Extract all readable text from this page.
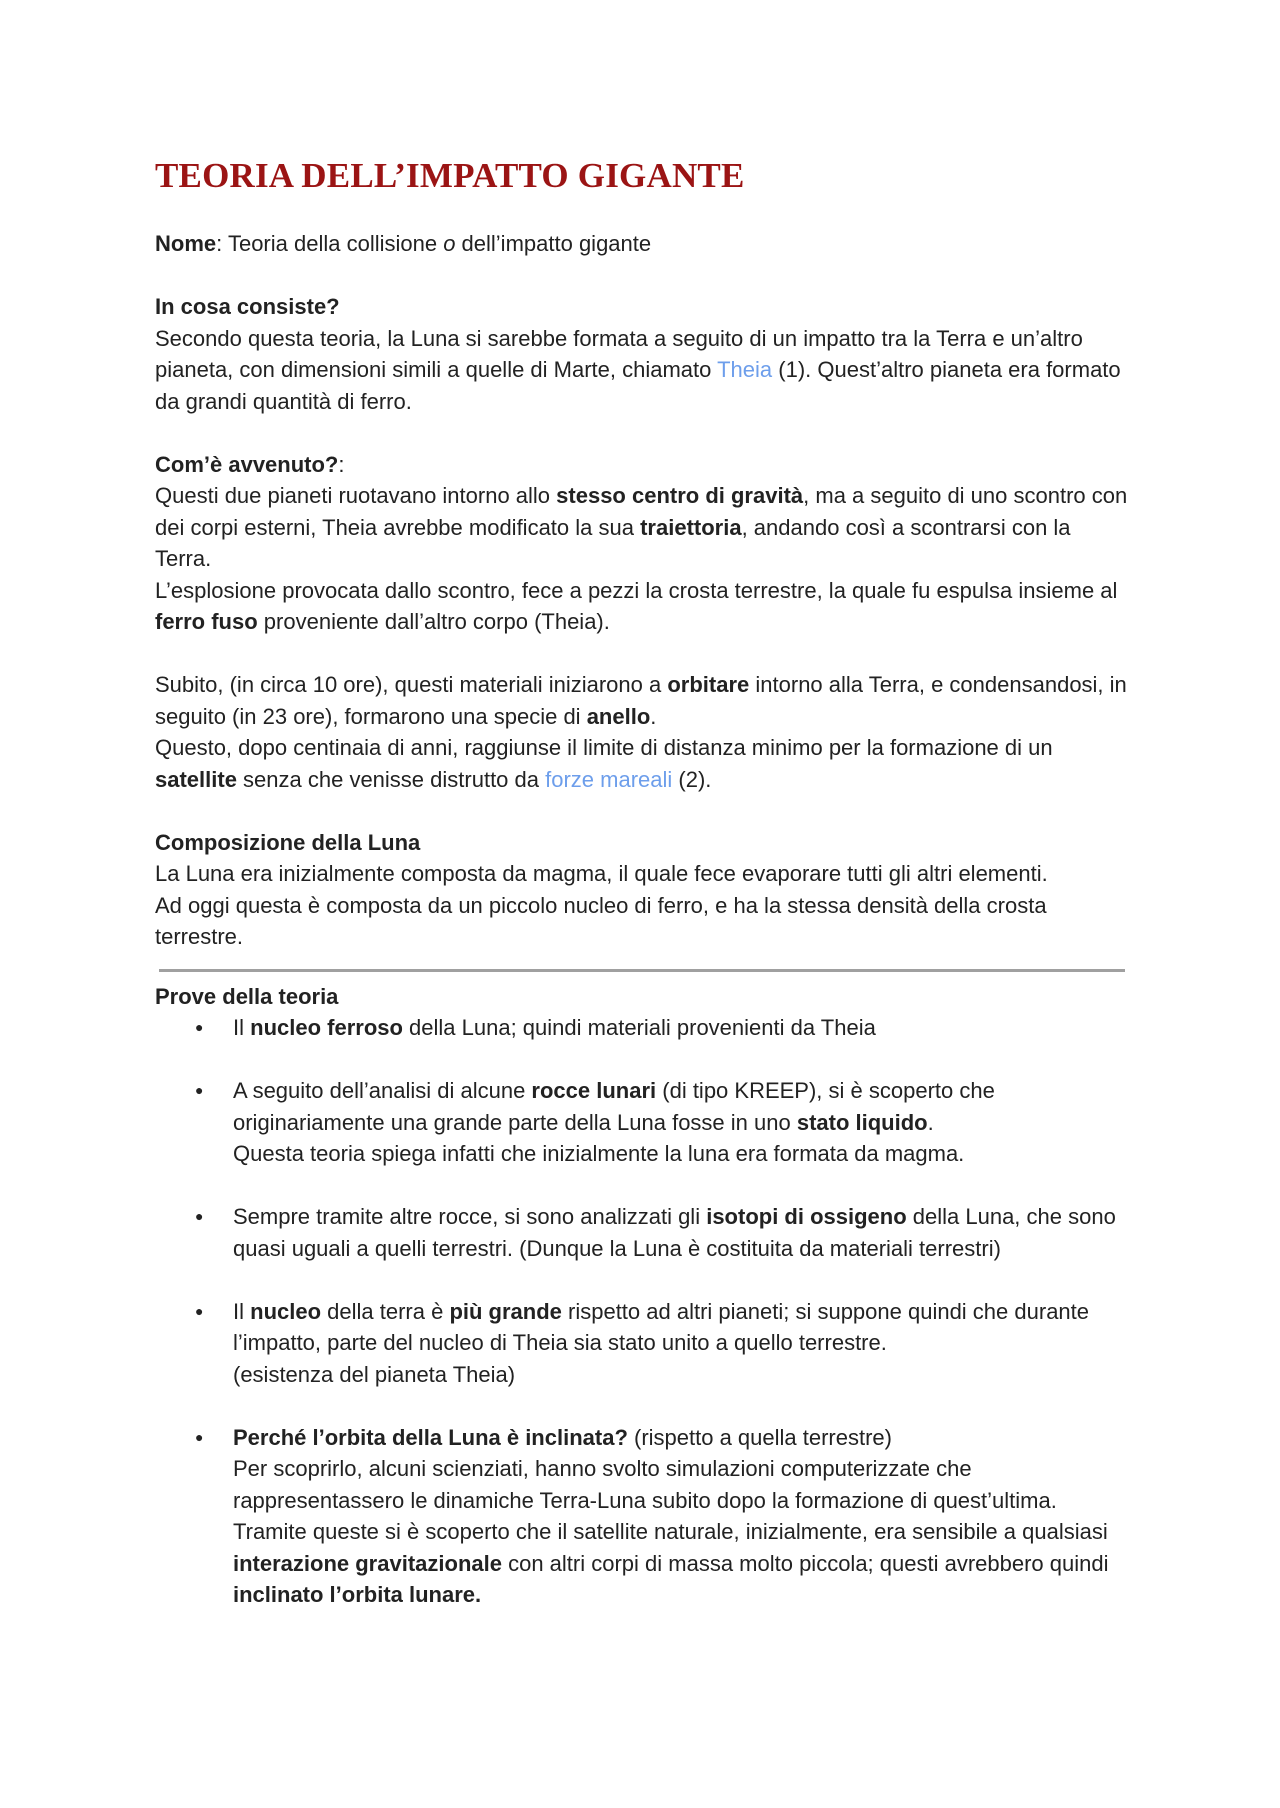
TEORIA DELL’IMPATTO GIGANTE

Nome: Teoria della collisione o dell’impatto gigante

In cosa consiste?

Secondo questa teoria, la Luna si sarebbe formata a seguito di un impatto tra la Terra e un’altro pianeta, con dimensioni simili a quelle di Marte, chiamato Theia (1). Quest’altro pianeta era formato da grandi quantità di ferro.

Com’è avvenuto?:

Questi due pianeti ruotavano intorno allo stesso centro di gravità, ma a seguito di uno scontro con dei corpi esterni, Theia avrebbe modificato la sua traiettoria, andando così a scontrarsi con la Terra.

L’esplosione provocata dallo scontro, fece a pezzi la crosta terrestre, la quale fu espulsa insieme al ferro fuso proveniente dall’altro corpo (Theia).

Subito, (in circa 10 ore), questi materiali iniziarono a orbitare intorno alla Terra, e condensandosi, in seguito (in 23 ore), formarono una specie di anello.

Questo, dopo centinaia di anni, raggiunse il limite di distanza minimo per la formazione di un satellite senza che venisse distrutto da forze mareali (2).

Composizione della Luna

La Luna era inizialmente composta da magma, il quale fece evaporare tutti gli altri elementi.

Ad oggi questa è composta da un piccolo nucleo di ferro, e ha la stessa densità della crosta terrestre.

Prove della teoria

● Il nucleo ferroso della Luna; quindi materiali provenienti da Theia
● A seguito dell’analisi di alcune rocce lunari (di tipo KREEP), si è scoperto che originariamente una grande parte della Luna fosse in uno stato liquido.
Questa teoria spiega infatti che inizialmente la luna era formata da magma.
● Sempre tramite altre rocce, si sono analizzati gli isotopi di ossigeno della Luna, che sono quasi uguali a quelli terrestri. (Dunque la Luna è costituita da materiali terrestri)
● Il nucleo della terra è più grande rispetto ad altri pianeti; si suppone quindi che durante l’impatto, parte del nucleo di Theia sia stato unito a quello terrestre.
(esistenza del pianeta Theia)
● Perché l’orbita della Luna è inclinata? (rispetto a quella terrestre)
Per scoprirlo, alcuni scienziati, hanno svolto simulazioni computerizzate che rappresentassero le dinamiche Terra-Luna subito dopo la formazione di quest’ultima.
Tramite queste si è scoperto che il satellite naturale, inizialmente, era sensibile a qualsiasi interazione gravitazionale con altri corpi di massa molto piccola; questi avrebbero quindi inclinato l’orbita lunare.
